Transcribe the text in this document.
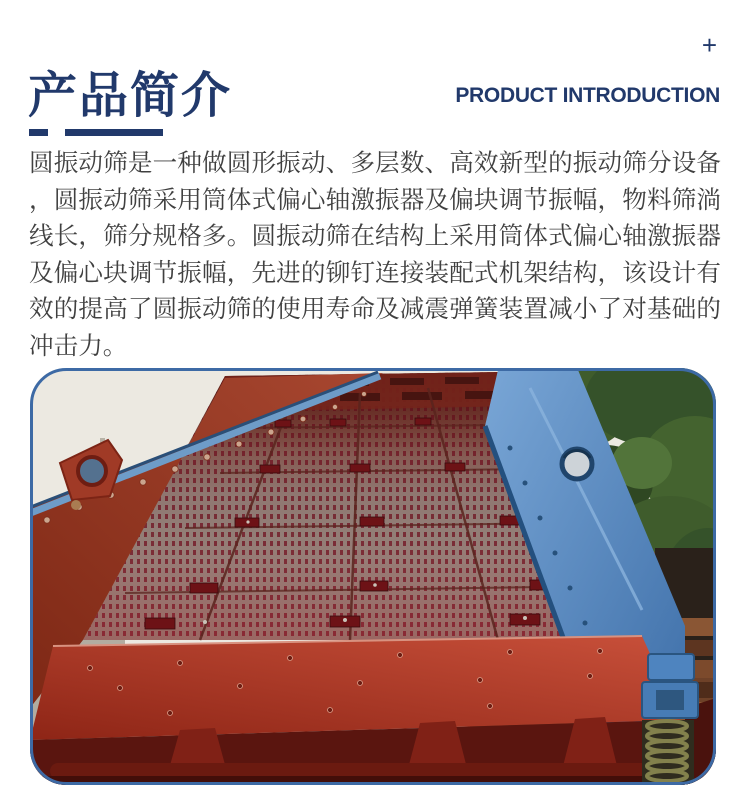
产品简介
+
PRODUCT INTRODUCTION

圆振动筛是一种做圆形振动、多层数、高效新型的振动筛分设备，圆振动筛采用筒体式偏心轴激振器及偏块调节振幅，物料筛淌线长，筛分规格多。圆振动筛在结构上采用筒体式偏心轴激振器及偏心块调节振幅，先进的铆钉连接装配式机架结构，该设计有效的提高了圆振动筛的使用寿命及减震弹簧装置减小了对基础的冲击力。
